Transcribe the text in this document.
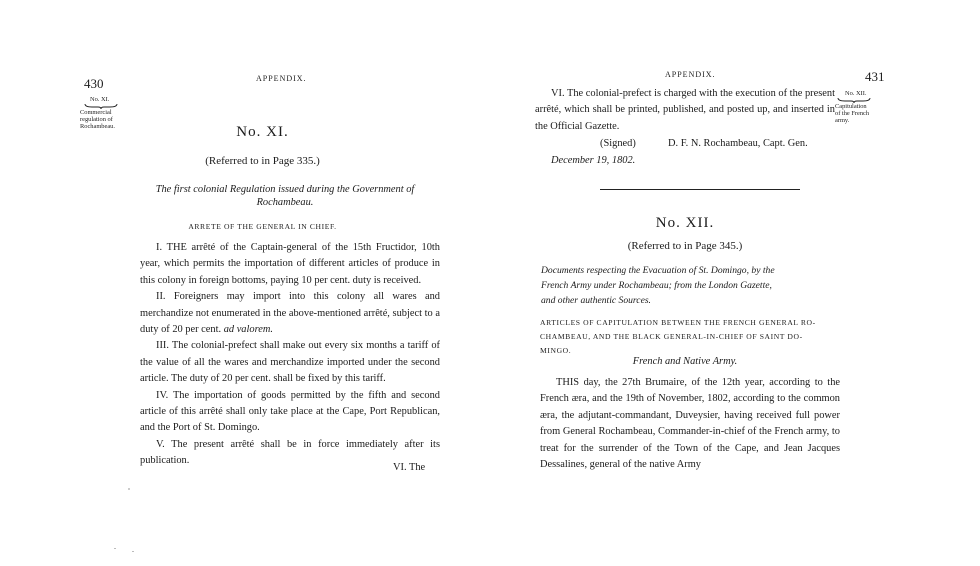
430	APPENDIX.
No. XI.
Commercial
regulation of
Rochambeau.	No. XI.
(Referred to in Page 335.)
The first colonial Regulation issued during the Government of
Rochambeau.
ARRETE OF THE GENERAL IN CHIEF.

I. THE arrêté of the Captain-general of the 15th Fructidor, 10th year, which permits the importation of different articles of produce in this colony in foreign bottoms, paying 10 per cent. duty is received.

II. Foreigners may import into this colony all wares and merchandize not enumerated in the above-mentioned arrêté, subject to a duty of 20 per cent. ad valorem.

III. The colonial-prefect shall make out every six months a tariff of the value of all the wares and merchandize imported under the second article. The duty of 20 per cent. shall be fixed by this tariff.

IV. The importation of goods permitted by the fifth and second article of this arrêté shall only take place at the Cape, Port Republican, and the Port of St. Domingo.

V. The present arrêté shall be in force immediately after its publication.

VI. The
APPENDIX.	431
No. XII.
Capitulation
of the French
army.

VI. The colonial-prefect is charged with the execution of the present arrêté, which shall be printed, published, and posted up, and inserted in the Official Gazette.

(Signed)	D. F. N. Rochambeau, Capt. Gen.
December 19, 1802.
No. XII.
(Referred to in Page 345.)
Documents respecting the Evacuation of St. Domingo, by the
French Army under Rochambeau; from the London Gazette,
and other authentic Sources.
ARTICLES OF CAPITULATION BETWEEN THE FRENCH GENERAL RO-
CHAMBEAU, AND THE BLACK GENERAL-IN-CHIEF OF SAINT DO-
MINGO.
French and Native Army.

THIS day, the 27th Brumaire, of the 12th year, according to the French æra, and the 19th of November, 1802, according to the common æra, the adjutant-commandant, Duveysier, having received full power from General Rochambeau, Commander-in-chief of the French army, to treat for the surrender of the Town of the Cape, and Jean Jacques Dessalines, general of the native Army
